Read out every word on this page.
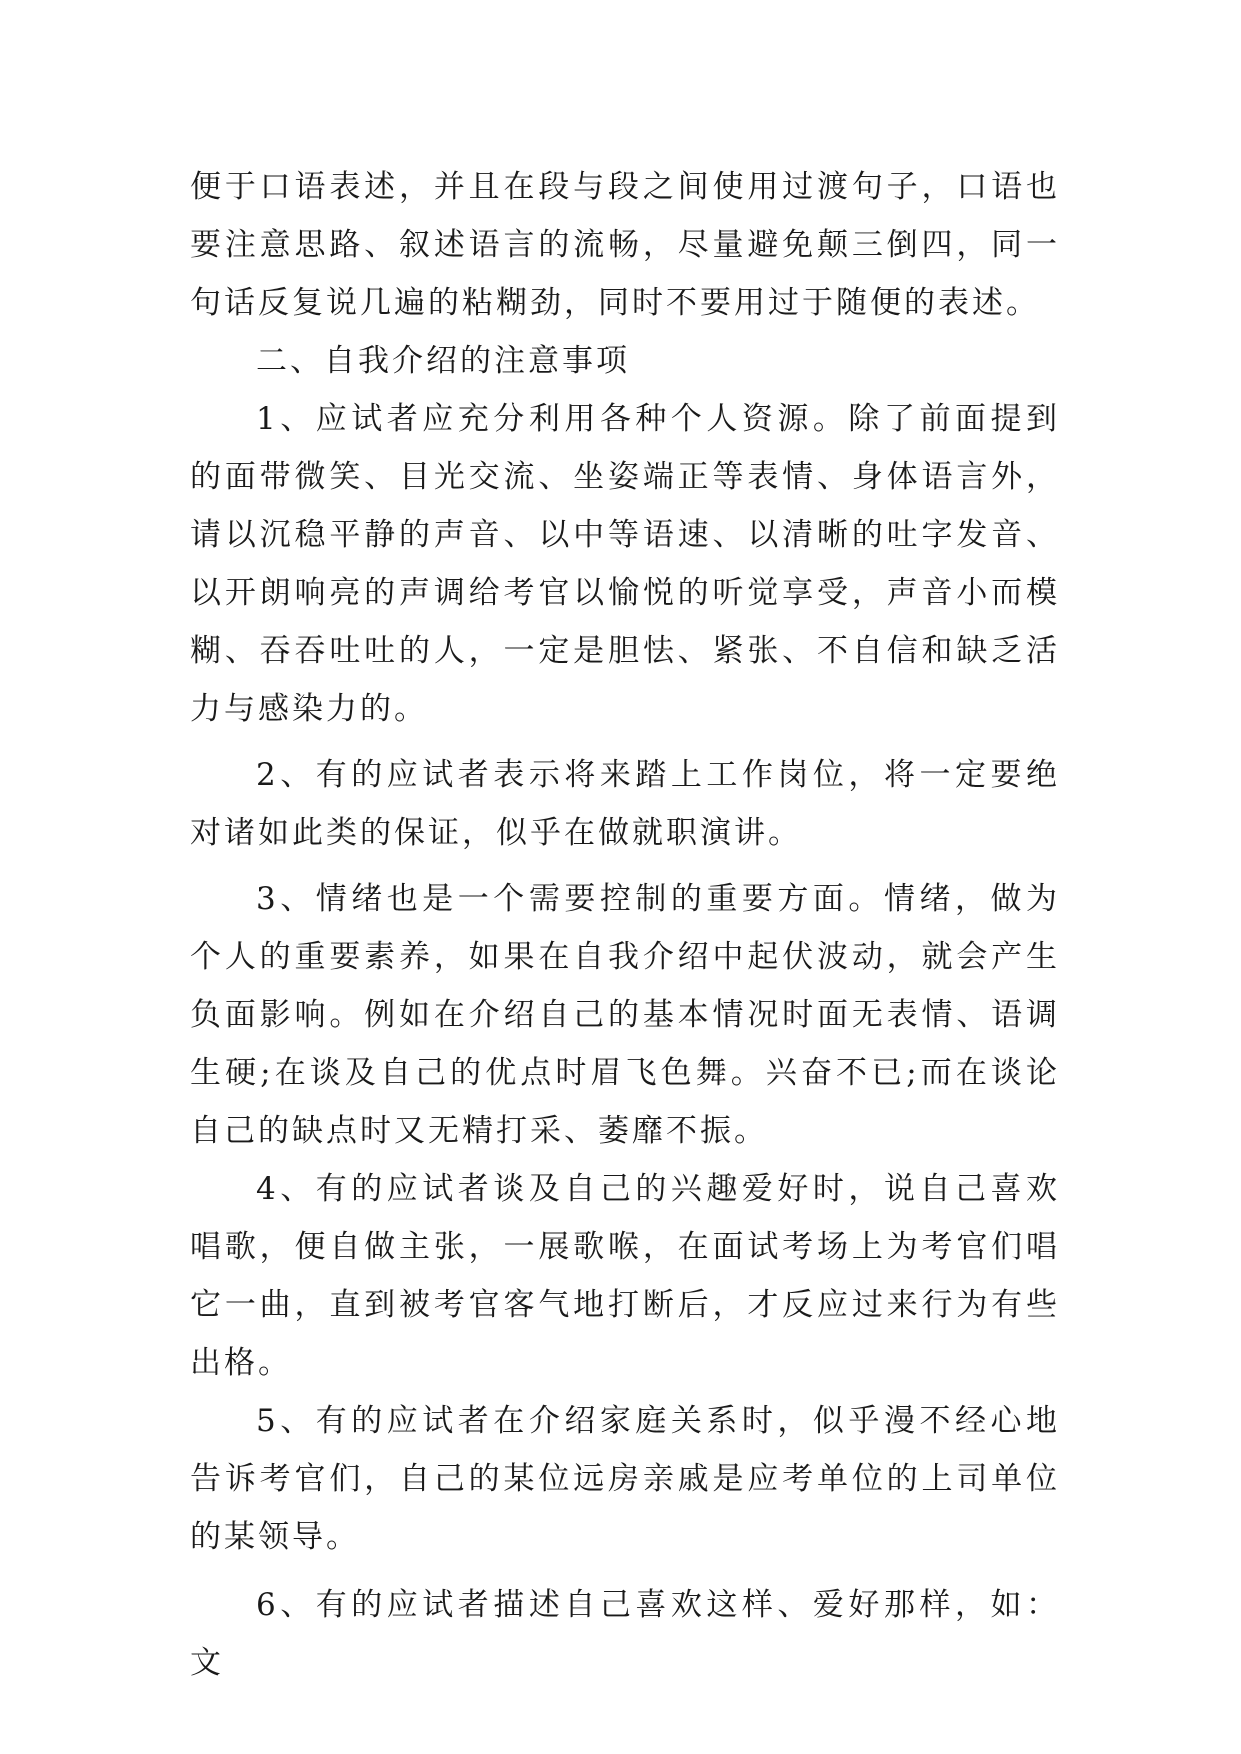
便于口语表述，并且在段与段之间使用过渡句子，口语也要注意思路、叙述语言的流畅，尽量避免颠三倒四，同一句话反复说几遍的粘糊劲，同时不要用过于随便的表述。

二、自我介绍的注意事项

1、应试者应充分利用各种个人资源。除了前面提到的面带微笑、目光交流、坐姿端正等表情、身体语言外，请以沉稳平静的声音、以中等语速、以清晰的吐字发音、以开朗响亮的声调给考官以愉悦的听觉享受，声音小而模糊、吞吞吐吐的人，一定是胆怯、紧张、不自信和缺乏活力与感染力的。

2、有的应试者表示将来踏上工作岗位，将一定要绝对诸如此类的保证，似乎在做就职演讲。

3、情绪也是一个需要控制的重要方面。情绪，做为个人的重要素养，如果在自我介绍中起伏波动，就会产生负面影响。例如在介绍自己的基本情况时面无表情、语调生硬;在谈及自己的优点时眉飞色舞。兴奋不已;而在谈论自己的缺点时又无精打采、萎靡不振。

4、有的应试者谈及自己的兴趣爱好时，说自己喜欢唱歌，便自做主张，一展歌喉，在面试考场上为考官们唱它一曲，直到被考官客气地打断后，才反应过来行为有些出格。

5、有的应试者在介绍家庭关系时，似乎漫不经心地告诉考官们，自己的某位远房亲戚是应考单位的上司单位的某领导。

6、有的应试者描述自己喜欢这样、爱好那样，如：文
